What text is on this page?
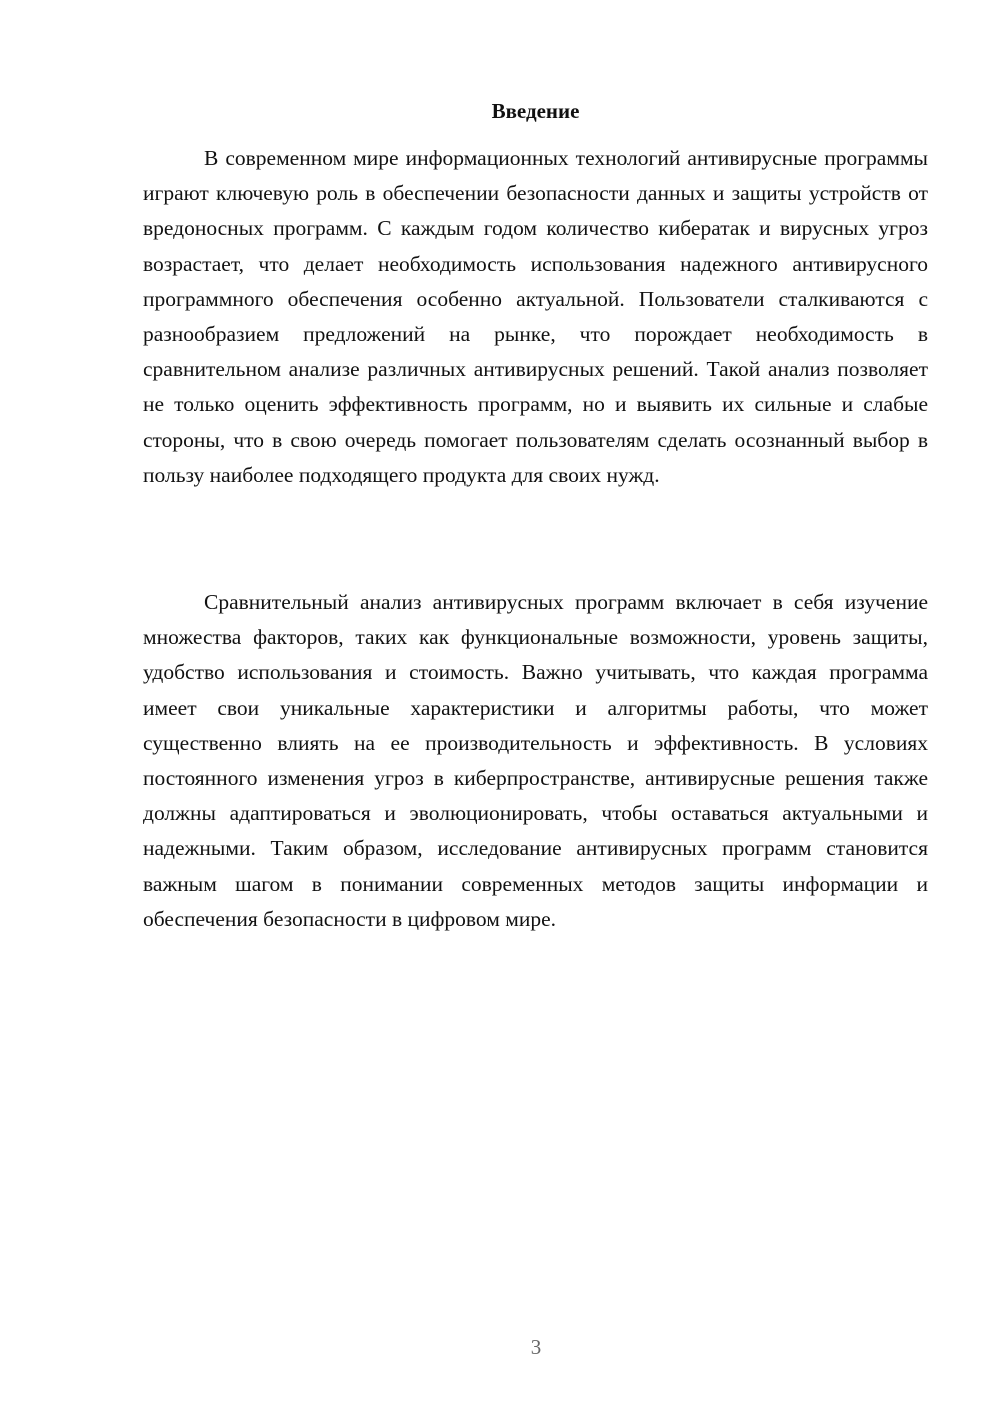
Введение

В современном мире информационных технологий антивирусные программы играют ключевую роль в обеспечении безопасности данных и защиты устройств от вредоносных программ. С каждым годом количество кибератак и вирусных угроз возрастает, что делает необходимость использования надежного антивирусного программного обеспечения особенно актуальной. Пользователи сталкиваются с разнообразием предложений на рынке, что порождает необходимость в сравнительном анализе различных антивирусных решений. Такой анализ позволяет не только оценить эффективность программ, но и выявить их сильные и слабые стороны, что в свою очередь помогает пользователям сделать осознанный выбор в пользу наиболее подходящего продукта для своих нужд.

Сравнительный анализ антивирусных программ включает в себя изучение множества факторов, таких как функциональные возможности, уровень защиты, удобство использования и стоимость. Важно учитывать, что каждая программа имеет свои уникальные характеристики и алгоритмы работы, что может существенно влиять на ее производительность и эффективность. В условиях постоянного изменения угроз в киберпространстве, антивирусные решения также должны адаптироваться и эволюционировать, чтобы оставаться актуальными и надежными. Таким образом, исследование антивирусных программ становится важным шагом в понимании современных методов защиты информации и обеспечения безопасности в цифровом мире.

3
